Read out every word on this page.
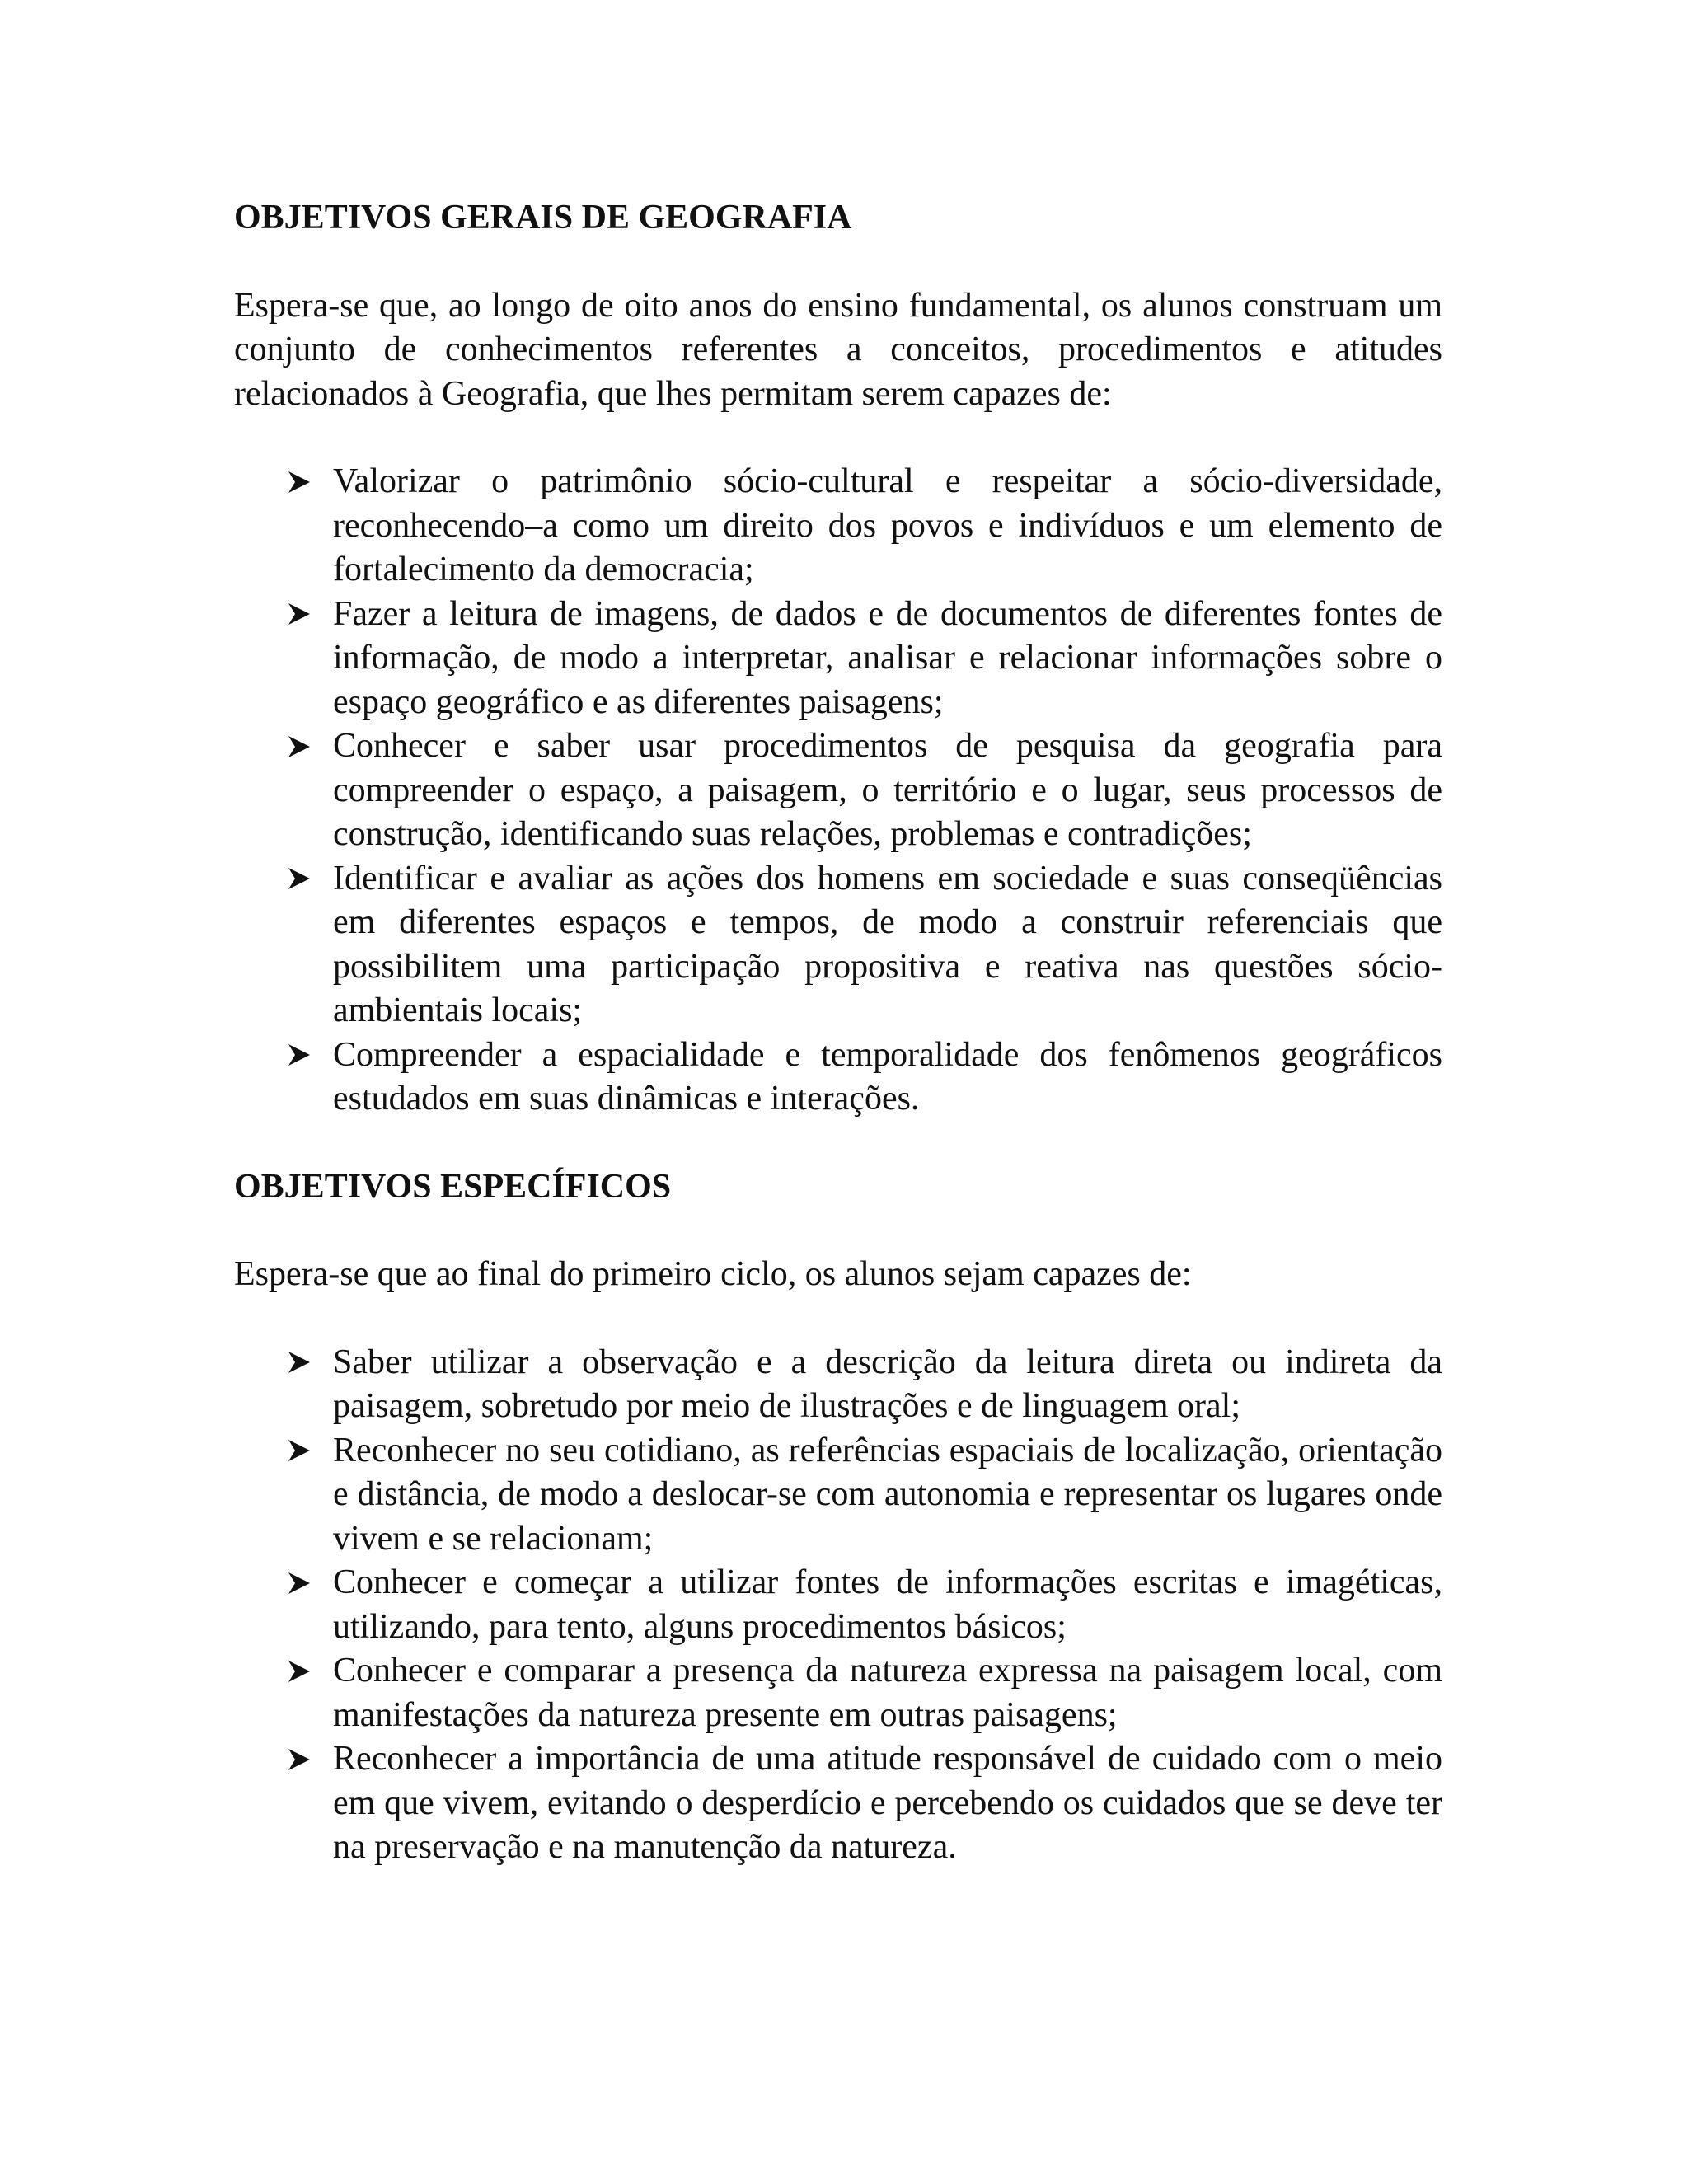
OBJETIVOS GERAIS DE GEOGRAFIA

Espera-se que, ao longo de oito anos do ensino fundamental, os alunos construam um conjunto de conhecimentos referentes a conceitos, procedimentos e atitudes relacionados à Geografia, que lhes permitam serem capazes de:

Valorizar o patrimônio sócio-cultural e respeitar a sócio-diversidade, reconhecendo–a como um direito dos povos e indivíduos e um elemento de fortalecimento da democracia;
Fazer a leitura de imagens, de dados e de documentos de diferentes fontes de informação, de modo a interpretar, analisar e relacionar informações sobre o espaço geográfico e as diferentes paisagens;
Conhecer e saber usar procedimentos de pesquisa da geografia para compreender o espaço, a paisagem, o território e o lugar, seus processos de construção, identificando suas relações, problemas e contradições;
Identificar e avaliar as ações dos homens em sociedade e suas conseqüências em diferentes espaços e tempos, de modo a construir referenciais que possibilitem uma participação propositiva e reativa nas questões sócio-ambientais locais;
Compreender a espacialidade e temporalidade dos fenômenos geográficos estudados em suas dinâmicas e interações.
OBJETIVOS ESPECÍFICOS

Espera-se que ao final do primeiro ciclo, os alunos sejam capazes de:

Saber utilizar a observação e a descrição da leitura direta ou indireta da paisagem, sobretudo por meio de ilustrações e de linguagem oral;
Reconhecer no seu cotidiano, as referências espaciais de localização, orientação e distância, de modo a deslocar-se com autonomia e representar os lugares onde vivem e se relacionam;
Conhecer e começar a utilizar fontes de informações escritas e imagéticas, utilizando, para tento, alguns procedimentos básicos;
Conhecer e comparar a presença da natureza expressa na paisagem local, com manifestações da natureza presente em outras paisagens;
Reconhecer a importância de uma atitude responsável de cuidado com o meio em que vivem, evitando o desperdício e percebendo os cuidados que se deve ter na preservação e na manutenção da natureza.
